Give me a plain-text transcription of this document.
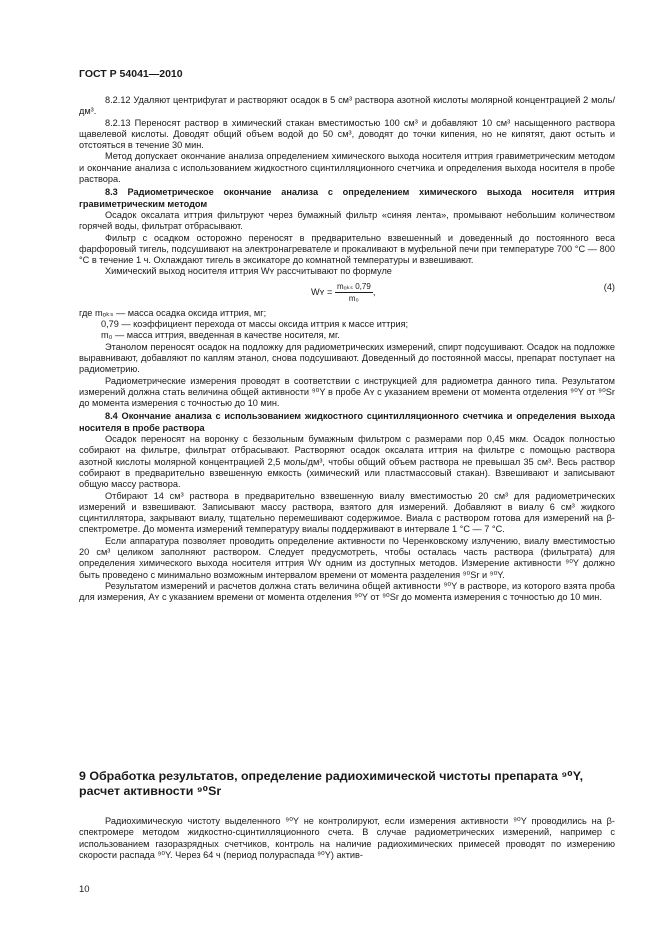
ГОСТ Р 54041—2010

8.2.12 Удаляют центрифугат и растворяют осадок в 5 см³ раствора азотной кислоты молярной концентрацией 2 моль/дм³.

8.2.13 Переносят раствор в химический стакан вместимостью 100 см³ и добавляют 10 см³ насыщенного раствора щавелевой кислоты. Доводят общий объем водой до 50 см³, доводят до точки кипения, но не кипятят, дают остыть и отстояться в течение 30 мин.

Метод допускает окончание анализа определением химического выхода носителя иттрия гравиметрическим методом и окончание анализа с использованием жидкостного сцинтилляционного счетчика и определения выхода носителя в пробе раствора.

8.3 Радиометрическое окончание анализа с определением химического выхода носителя иттрия гравиметрическим методом

Осадок оксалата иттрия фильтруют через бумажный фильтр «синяя лента», промывают небольшим количеством горячей воды, фильтрат отбрасывают.

Фильтр с осадком осторожно переносят в предварительно взвешенный и доведенный до постоянного веса фарфоровый тигель, подсушивают на электронагревателе и прокаливают в муфельной печи при температуре 700 °С — 800 °С в течение 1 ч. Охлаждают тигель в эксикаторе до комнатной температуры и взвешивают.

Химический выход носителя иттрия Wʏ рассчитывают по формуле

Wʏ = $\frac{\text{mₒₖₛ 0,79}}{\text{m₀}}$ ,
(4)
где mₒₖₛ — масса осадка оксида иттрия, мг;
0,79 — коэффициент перехода от массы оксида иттрия к массе иттрия;
m₀ — масса иттрия, введенная в качестве носителя, мг.

Этанолом переносят осадок на подложку для радиометрических измерений, спирт подсушивают. Осадок на подложке выравнивают, добавляют по каплям этанол, снова подсушивают. Доведенный до постоянной массы, препарат поступает на радиометрию.

Радиометрические измерения проводят в соответствии с инструкцией для радиометра данного типа. Результатом измерений должна стать величина общей активности ⁹⁰Y в пробе Aʏ с указанием времени от момента отделения ⁹⁰Y от ⁹⁰Sr до момента измерения с точностью до 10 мин.

8.4 Окончание анализа с использованием жидкостного сцинтилляционного счетчика и определения выхода носителя в пробе раствора

Осадок переносят на воронку с беззольным бумажным фильтром с размерами пор 0,45 мкм. Осадок полностью собирают на фильтре, фильтрат отбрасывают. Растворяют осадок оксалата иттрия на фильтре с помощью раствора азотной кислоты молярной концентрацией 2,5 моль/дм³, чтобы общий объем раствора не превышал 35 см³. Весь раствор собирают в предварительно взвешенную емкость (химический или пластмассовый стакан). Взвешивают и записывают общую массу раствора.

Отбирают 14 см³ раствора в предварительно взвешенную виалу вместимостью 20 см³ для радиометрических измерений и взвешивают. Записывают массу раствора, взятого для измерений. Добавляют в виалу 6 см³ жидкого сцинтиллятора, закрывают виалу, тщательно перемешивают содержимое. Виала с раствором готова для измерений на β-спектрометре. До момента измерений температуру виалы поддерживают в интервале 1 °С — 7 °С.

Если аппаратура позволяет проводить определение активности по Черенковскому излучению, виалу вместимостью 20 см³ целиком заполняют раствором. Следует предусмотреть, чтобы осталась часть раствора (фильтрата) для определения химического выхода носителя иттрия Wʏ одним из доступных методов. Измерение активности ⁹⁰Y должно быть проведено с минимально возможным интервалом времени от момента разделения ⁹⁰Sr и ⁹⁰Y.

Результатом измерений и расчетов должна стать величина общей активности ⁹⁰Y в растворе, из которого взята проба для измерения, Aʏ с указанием времени от момента отделения ⁹⁰Y от ⁹⁰Sr до момента измерения с точностью до 10 мин.

9 Обработка результатов, определение радиохимической чистоты препарата ⁹⁰Y, расчет активности ⁹⁰Sr

Радиохимическую чистоту выделенного ⁹⁰Y не контролируют, если измерения активности ⁹⁰Y проводились на β-спектромере методом жидкостно-сцинтилляционного счета. В случае радиометрических измерений, например с использованием газоразрядных счетчиков, контроль на наличие радиохимических примесей проводят по измерению скорости распада ⁹⁰Y. Через 64 ч (период полураспада ⁹⁰Y) актив-

10
